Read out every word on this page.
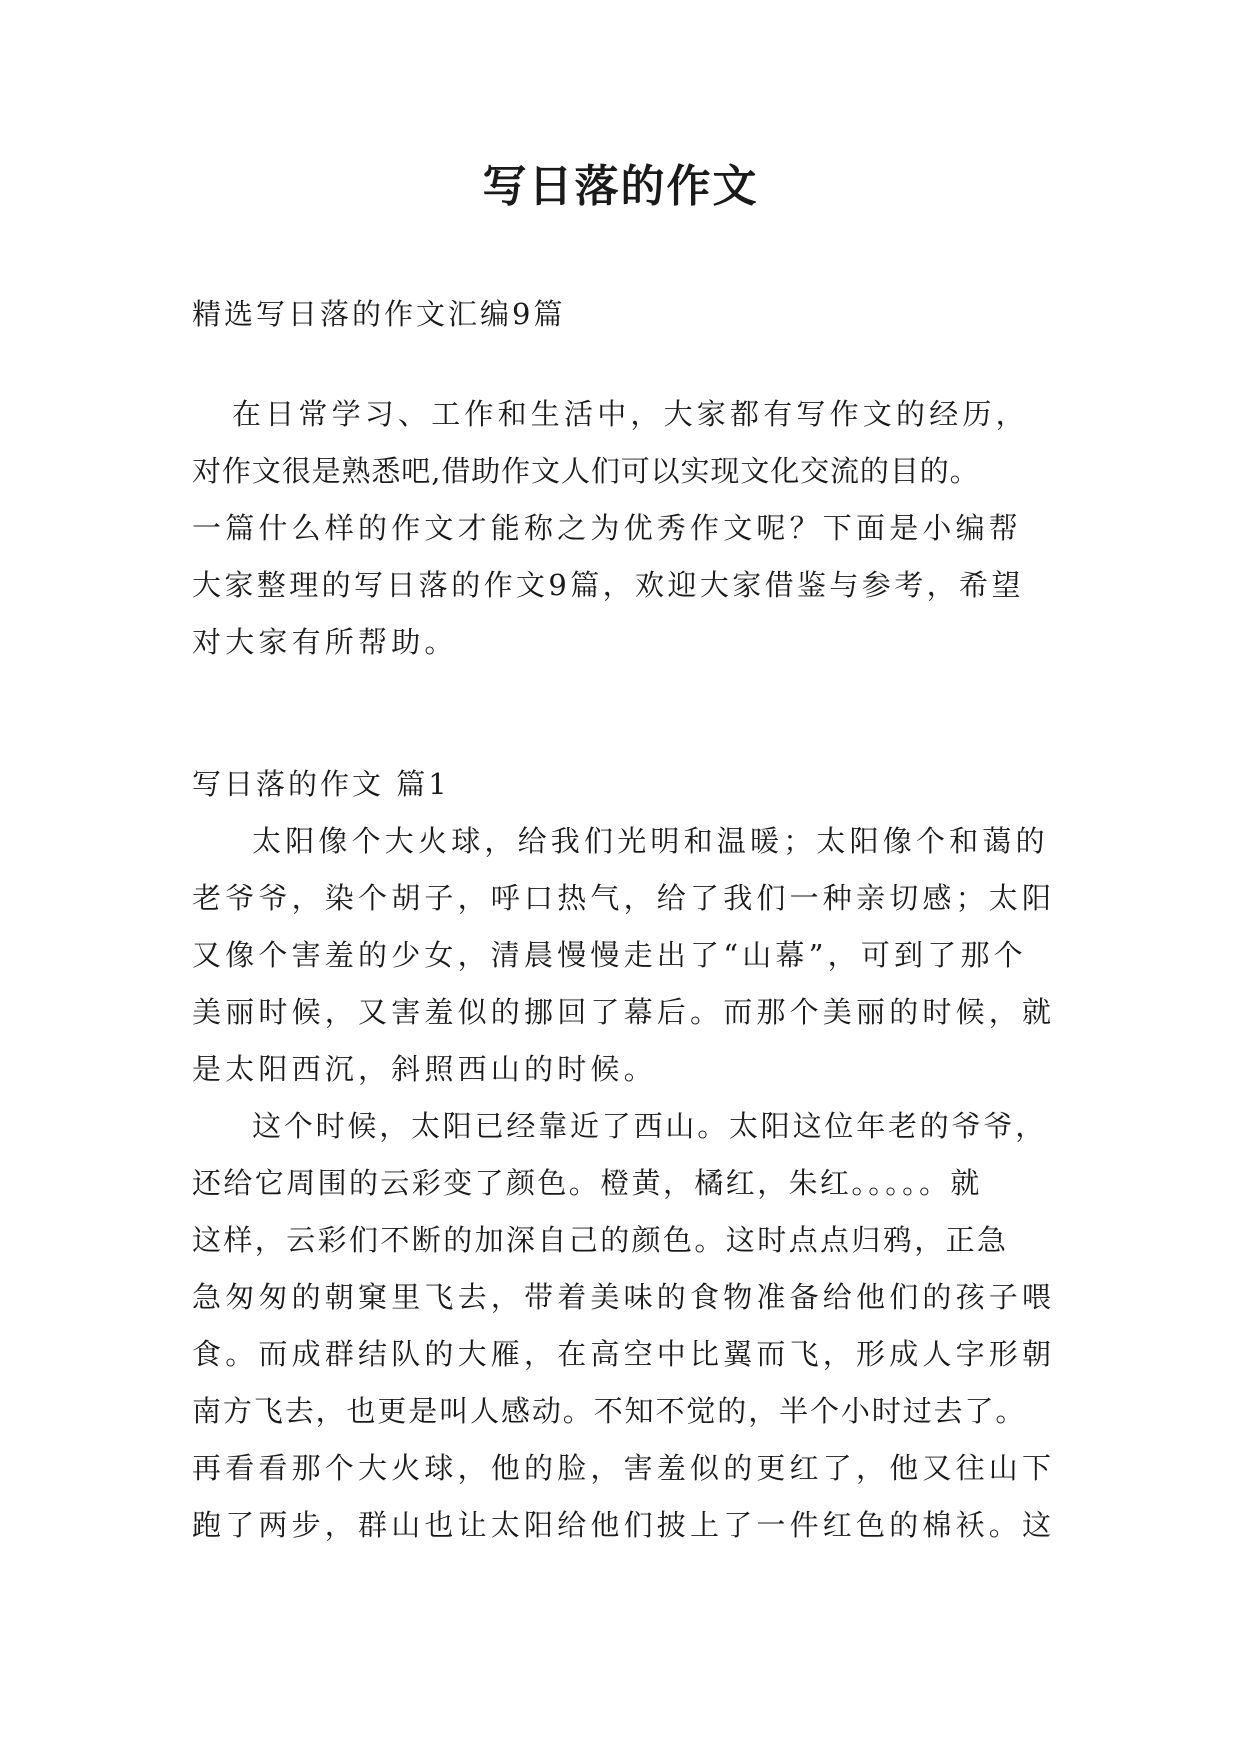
写日落的作文
精选写日落的作文汇编9篇
在日常学习、工作和生活中，大家都有写作文的经历，
对作文很是熟悉吧,借助作文人们可以实现文化交流的目的。
一篇什么样的作文才能称之为优秀作文呢？下面是小编帮
大家整理的写日落的作文9篇，欢迎大家借鉴与参考，希望
对大家有所帮助。
写日落的作文 篇1
太阳像个大火球，给我们光明和温暖；太阳像个和蔼的
老爷爷，染个胡子，呼口热气，给了我们一种亲切感；太阳
又像个害羞的少女，清晨慢慢走出了“山幕”，可到了那个
美丽时候，又害羞似的挪回了幕后。而那个美丽的时候，就
是太阳西沉，斜照西山的时候。
这个时候，太阳已经靠近了西山。太阳这位年老的爷爷，
还给它周围的云彩变了颜色。橙黄，橘红，朱红。。。。。就
这样，云彩们不断的加深自己的颜色。这时点点归鸦，正急
急匆匆的朝窠里飞去，带着美味的食物准备给他们的孩子喂
食。而成群结队的大雁，在高空中比翼而飞，形成人字形朝
南方飞去，也更是叫人感动。不知不觉的，半个小时过去了。
再看看那个大火球，他的脸，害羞似的更红了，他又往山下
跑了两步，群山也让太阳给他们披上了一件红色的棉袄。这
